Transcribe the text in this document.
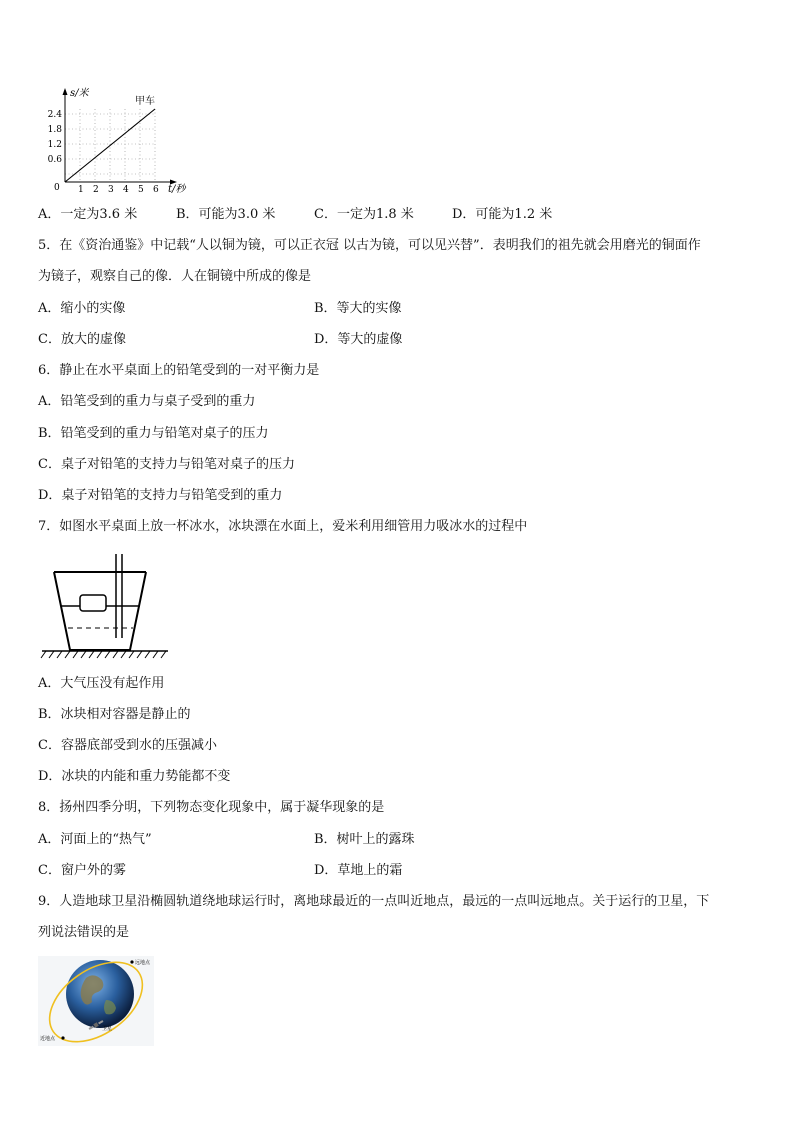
s/米
甲车
2.4
1.8
1.2
0.6
0 1 2 3 4 5 6 t/秒
A．一定为3.6 米	B．可能为3.0 米	C．一定为1.8 米	D．可能为1.2 米
5．在《资治通鉴》中记载“人以铜为镜，可以正衣冠 以古为镜，可以见兴替”．表明我们的祖先就会用磨光的铜面作
为镜子，观察自己的像．人在铜镜中所成的像是
A．缩小的实像	B．等大的实像
C．放大的虚像	D．等大的虚像
6．静止在水平桌面上的铅笔受到的一对平衡力是
A．铅笔受到的重力与桌子受到的重力
B．铅笔受到的重力与铅笔对桌子的压力
C．桌子对铅笔的支持力与铅笔对桌子的压力
D．桌子对铅笔的支持力与铅笔受到的重力
7．如图水平桌面上放一杯冰水，冰块漂在水面上，爱米利用细管用力吸冰水的过程中
A．大气压没有起作用
B．冰块相对容器是静止的
C．容器底部受到水的压强减小
D．冰块的内能和重力势能都不变
8．扬州四季分明，下列物态变化现象中，属于凝华现象的是
A．河面上的“热气”	B．树叶上的露珠
C．窗户外的雾	D．草地上的霜
9．人造地球卫星沿椭圆轨道绕地球运行时，离地球最近的一点叫近地点，最远的一点叫远地点。关于运行的卫星，下
列说法错误的是
远地点
近地点
卫星
